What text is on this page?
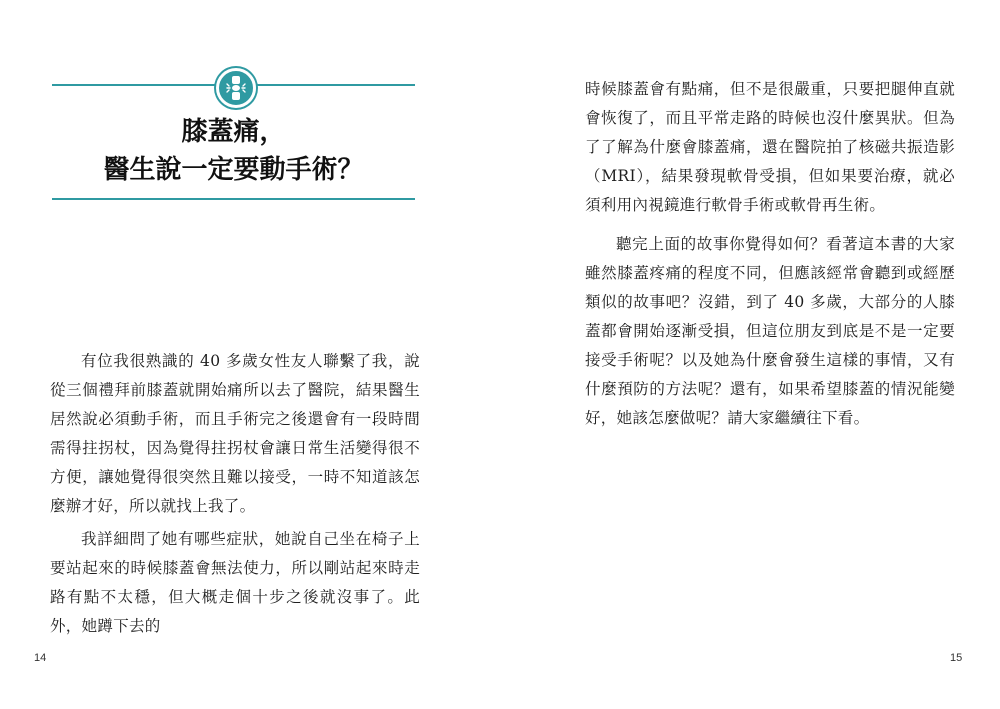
膝蓋痛，
醫生說一定要動手術？

有位我很熟識的 40 多歲女性友人聯繫了我，說從三個禮拜前膝蓋就開始痛所以去了醫院，結果醫生居然說必須動手術，而且手術完之後還會有一段時間需得拄拐杖，因為覺得拄拐杖會讓日常生活變得很不方便，讓她覺得很突然且難以接受，一時不知道該怎麼辦才好，所以就找上我了。

我詳細問了她有哪些症狀，她說自己坐在椅子上要站起來的時候膝蓋會無法使力，所以剛站起來時走路有點不太穩，但大概走個十步之後就沒事了。此外，她蹲下去的

14

時候膝蓋會有點痛，但不是很嚴重，只要把腿伸直就會恢復了，而且平常走路的時候也沒什麼異狀。但為了了解為什麼會膝蓋痛，還在醫院拍了核磁共振造影（MRI），結果發現軟骨受損，但如果要治療，就必須利用內視鏡進行軟骨手術或軟骨再生術。

聽完上面的故事你覺得如何？看著這本書的大家雖然膝蓋疼痛的程度不同，但應該經常會聽到或經歷類似的故事吧？沒錯，到了 40 多歲，大部分的人膝蓋都會開始逐漸受損，但這位朋友到底是不是一定要接受手術呢？以及她為什麼會發生這樣的事情，又有什麼預防的方法呢？還有，如果希望膝蓋的情況能變好，她該怎麼做呢？請大家繼續往下看。

15
